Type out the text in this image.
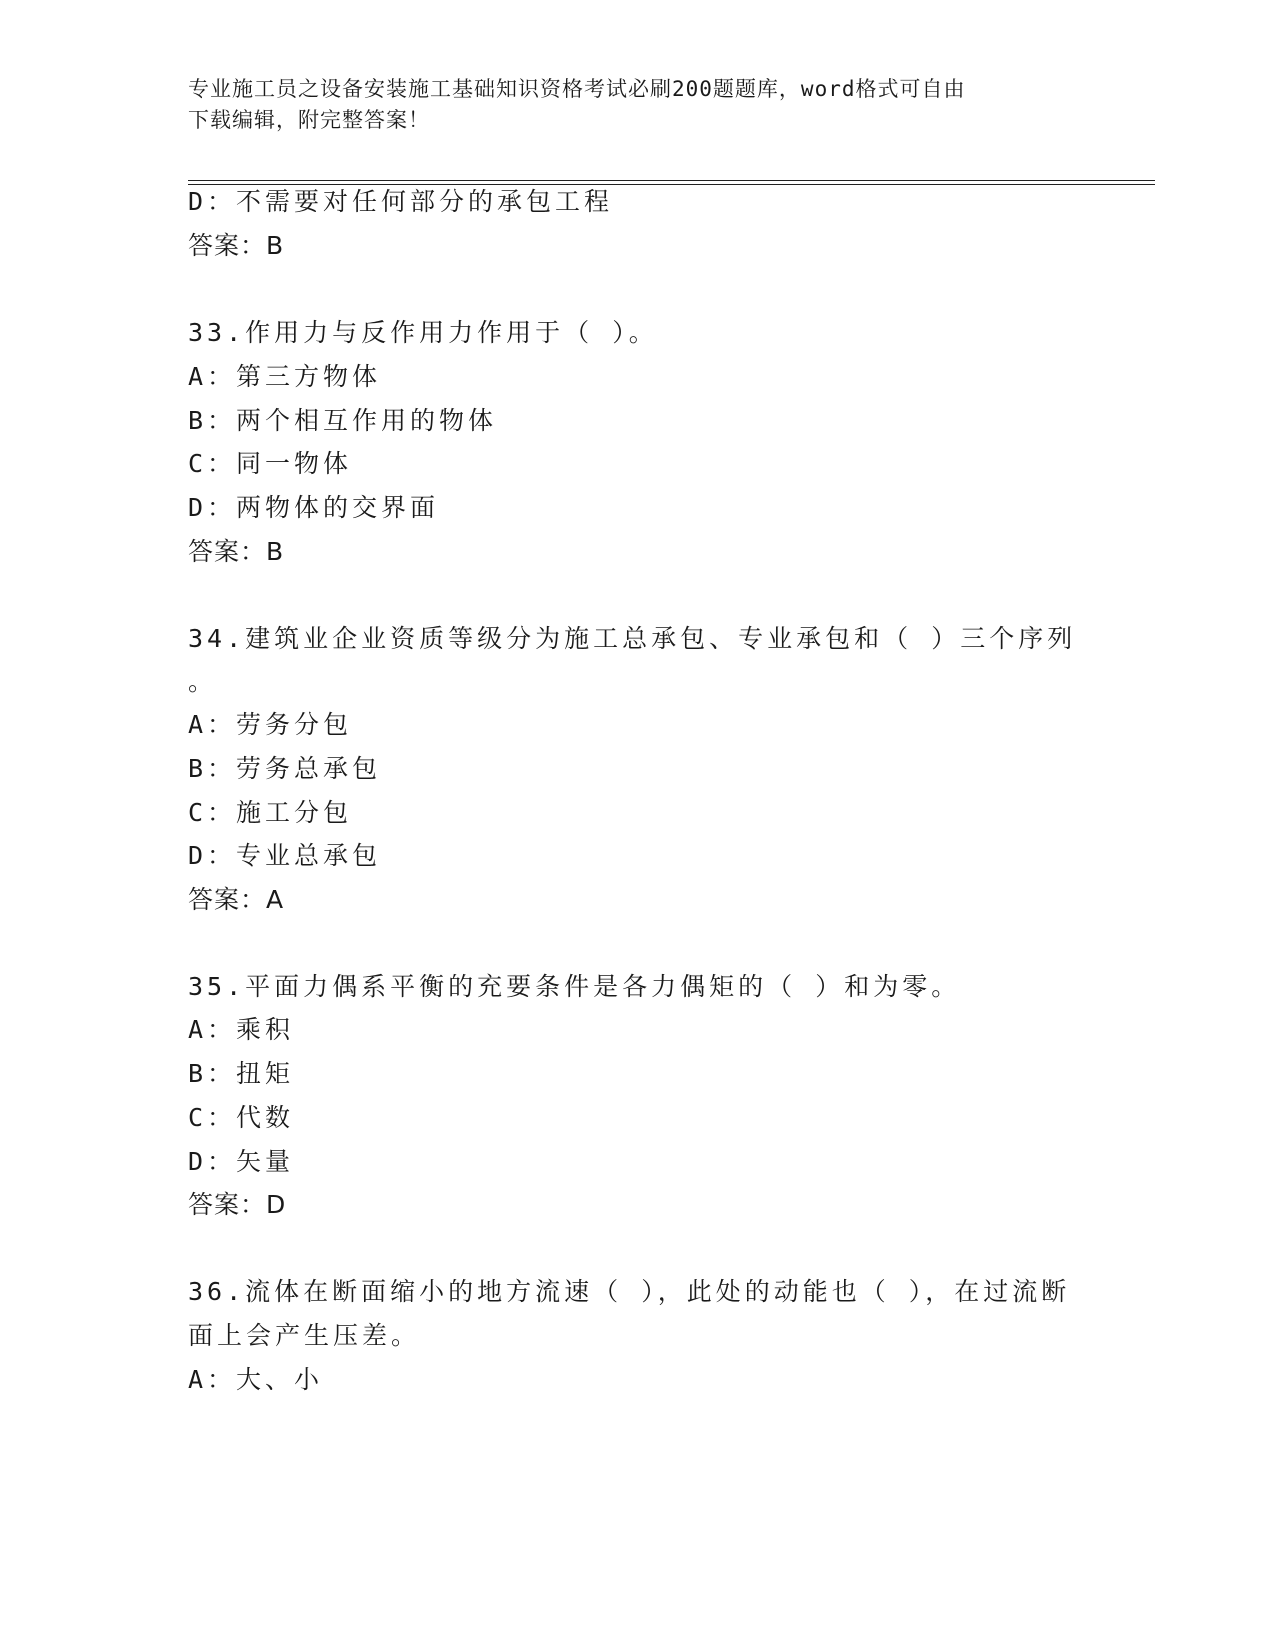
专业施工员之设备安装施工基础知识资格考试必刷200题题库，word格式可自由
下载编辑，附完整答案！
D：不需要对任何部分的承包工程
答案：B
33.作用力与反作用力作用于（ ）。
A：第三方物体
B：两个相互作用的物体
C：同一物体
D：两物体的交界面
答案：B
34.建筑业企业资质等级分为施工总承包、专业承包和（ ）三个序列
。
A：劳务分包
B：劳务总承包
C：施工分包
D：专业总承包
答案：A
35.平面力偶系平衡的充要条件是各力偶矩的（ ）和为零。
A：乘积
B：扭矩
C：代数
D：矢量
答案：D
36.流体在断面缩小的地方流速（ ），此处的动能也（ ），在过流断
面上会产生压差。
A：大、小
